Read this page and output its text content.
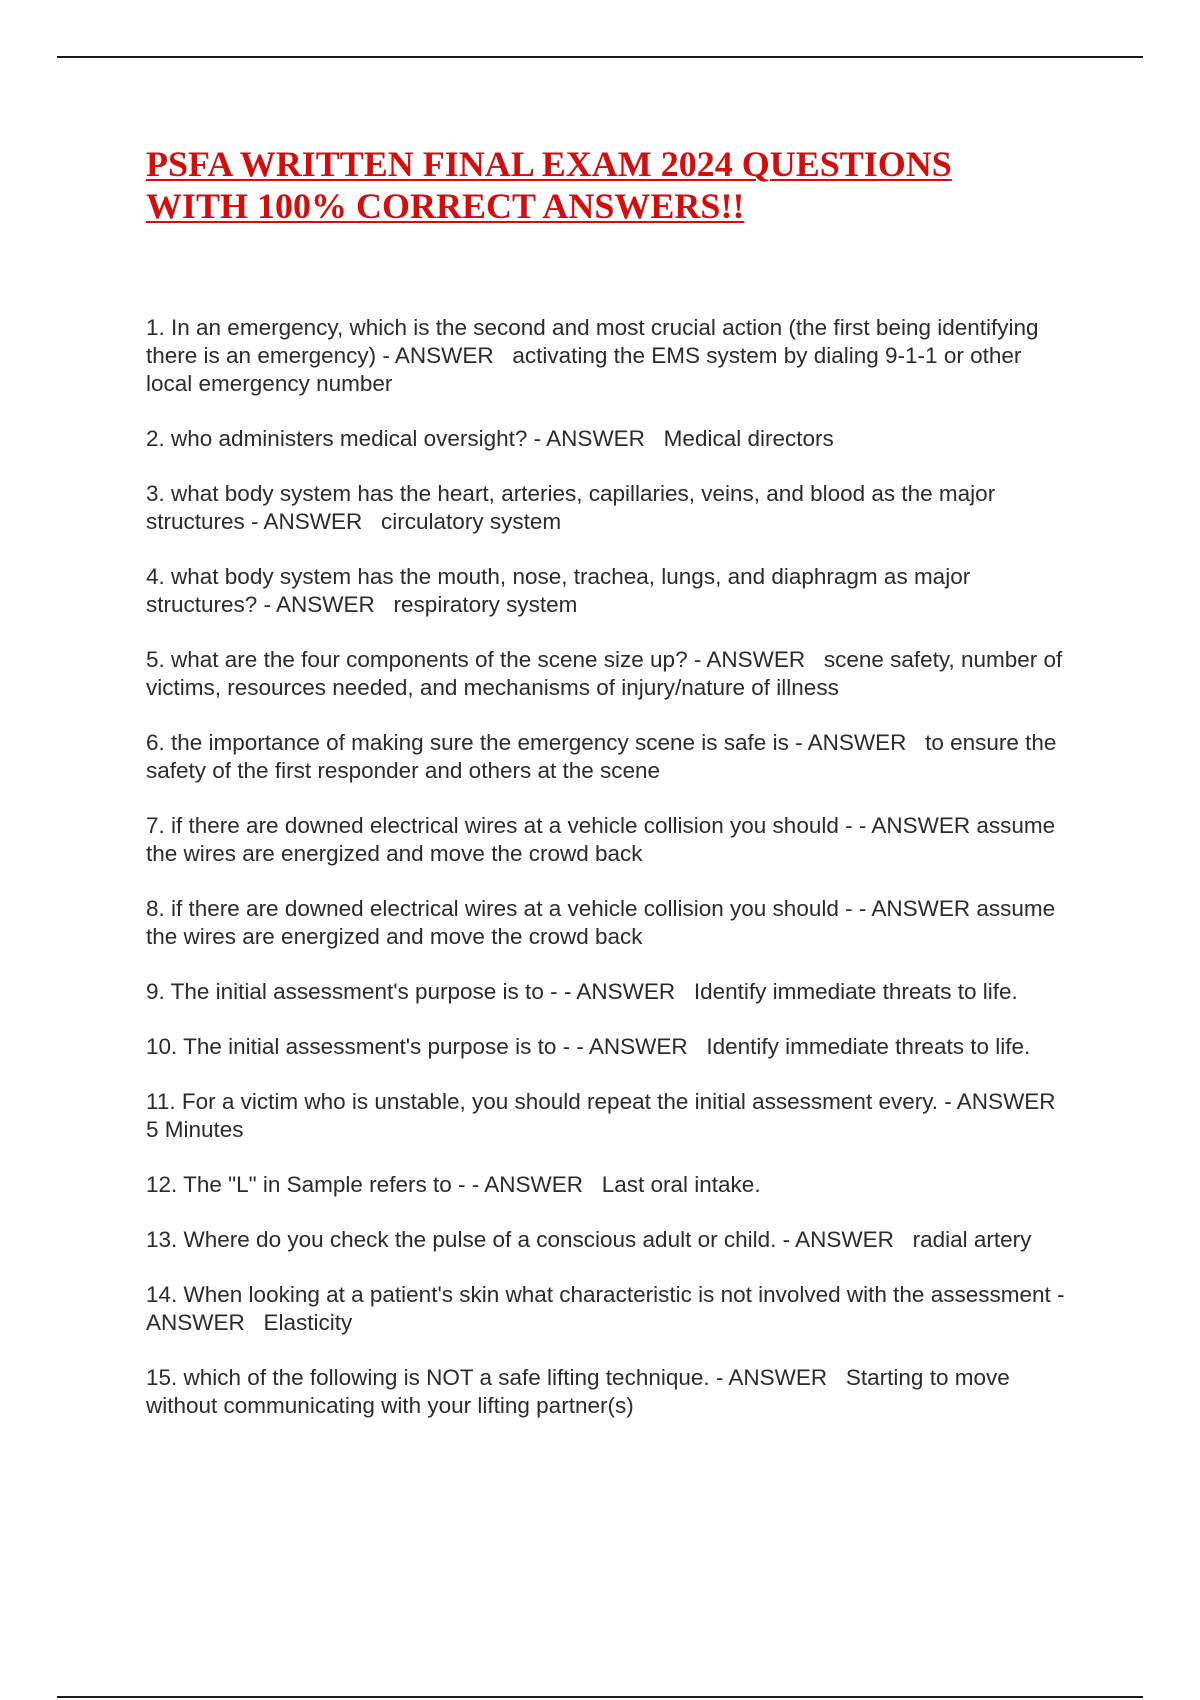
PSFA WRITTEN FINAL EXAM 2024 QUESTIONS
WITH 100% CORRECT ANSWERS!!
1. In an emergency, which is the second and most crucial action (the first being identifying there is an emergency) - ANSWER   activating the EMS system by dialing 9-1-1 or other local emergency number
2. who administers medical oversight? - ANSWER   Medical directors
3. what body system has the heart, arteries, capillaries, veins, and blood as the major structures - ANSWER   circulatory system
4. what body system has the mouth, nose, trachea, lungs, and diaphragm as major structures? - ANSWER   respiratory system
5. what are the four components of the scene size up? - ANSWER   scene safety, number of victims, resources needed, and mechanisms of injury/nature of illness
6. the importance of making sure the emergency scene is safe is - ANSWER   to ensure the safety of the first responder and others at the scene
7. if there are downed electrical wires at a vehicle collision you should - - ANSWER assume the wires are energized and move the crowd back
8. if there are downed electrical wires at a vehicle collision you should - - ANSWER assume the wires are energized and move the crowd back
9. The initial assessment's purpose is to - - ANSWER   Identify immediate threats to life.
10. The initial assessment's purpose is to - - ANSWER   Identify immediate threats to life.
11. For a victim who is unstable, you should repeat the initial assessment every. - ANSWER   5 Minutes
12. The "L" in Sample refers to - - ANSWER   Last oral intake.
13. Where do you check the pulse of a conscious adult or child. - ANSWER   radial artery
14. When looking at a patient's skin what characteristic is not involved with the assessment - ANSWER   Elasticity
15. which of the following is NOT a safe lifting technique. - ANSWER   Starting to move without communicating with your lifting partner(s)
